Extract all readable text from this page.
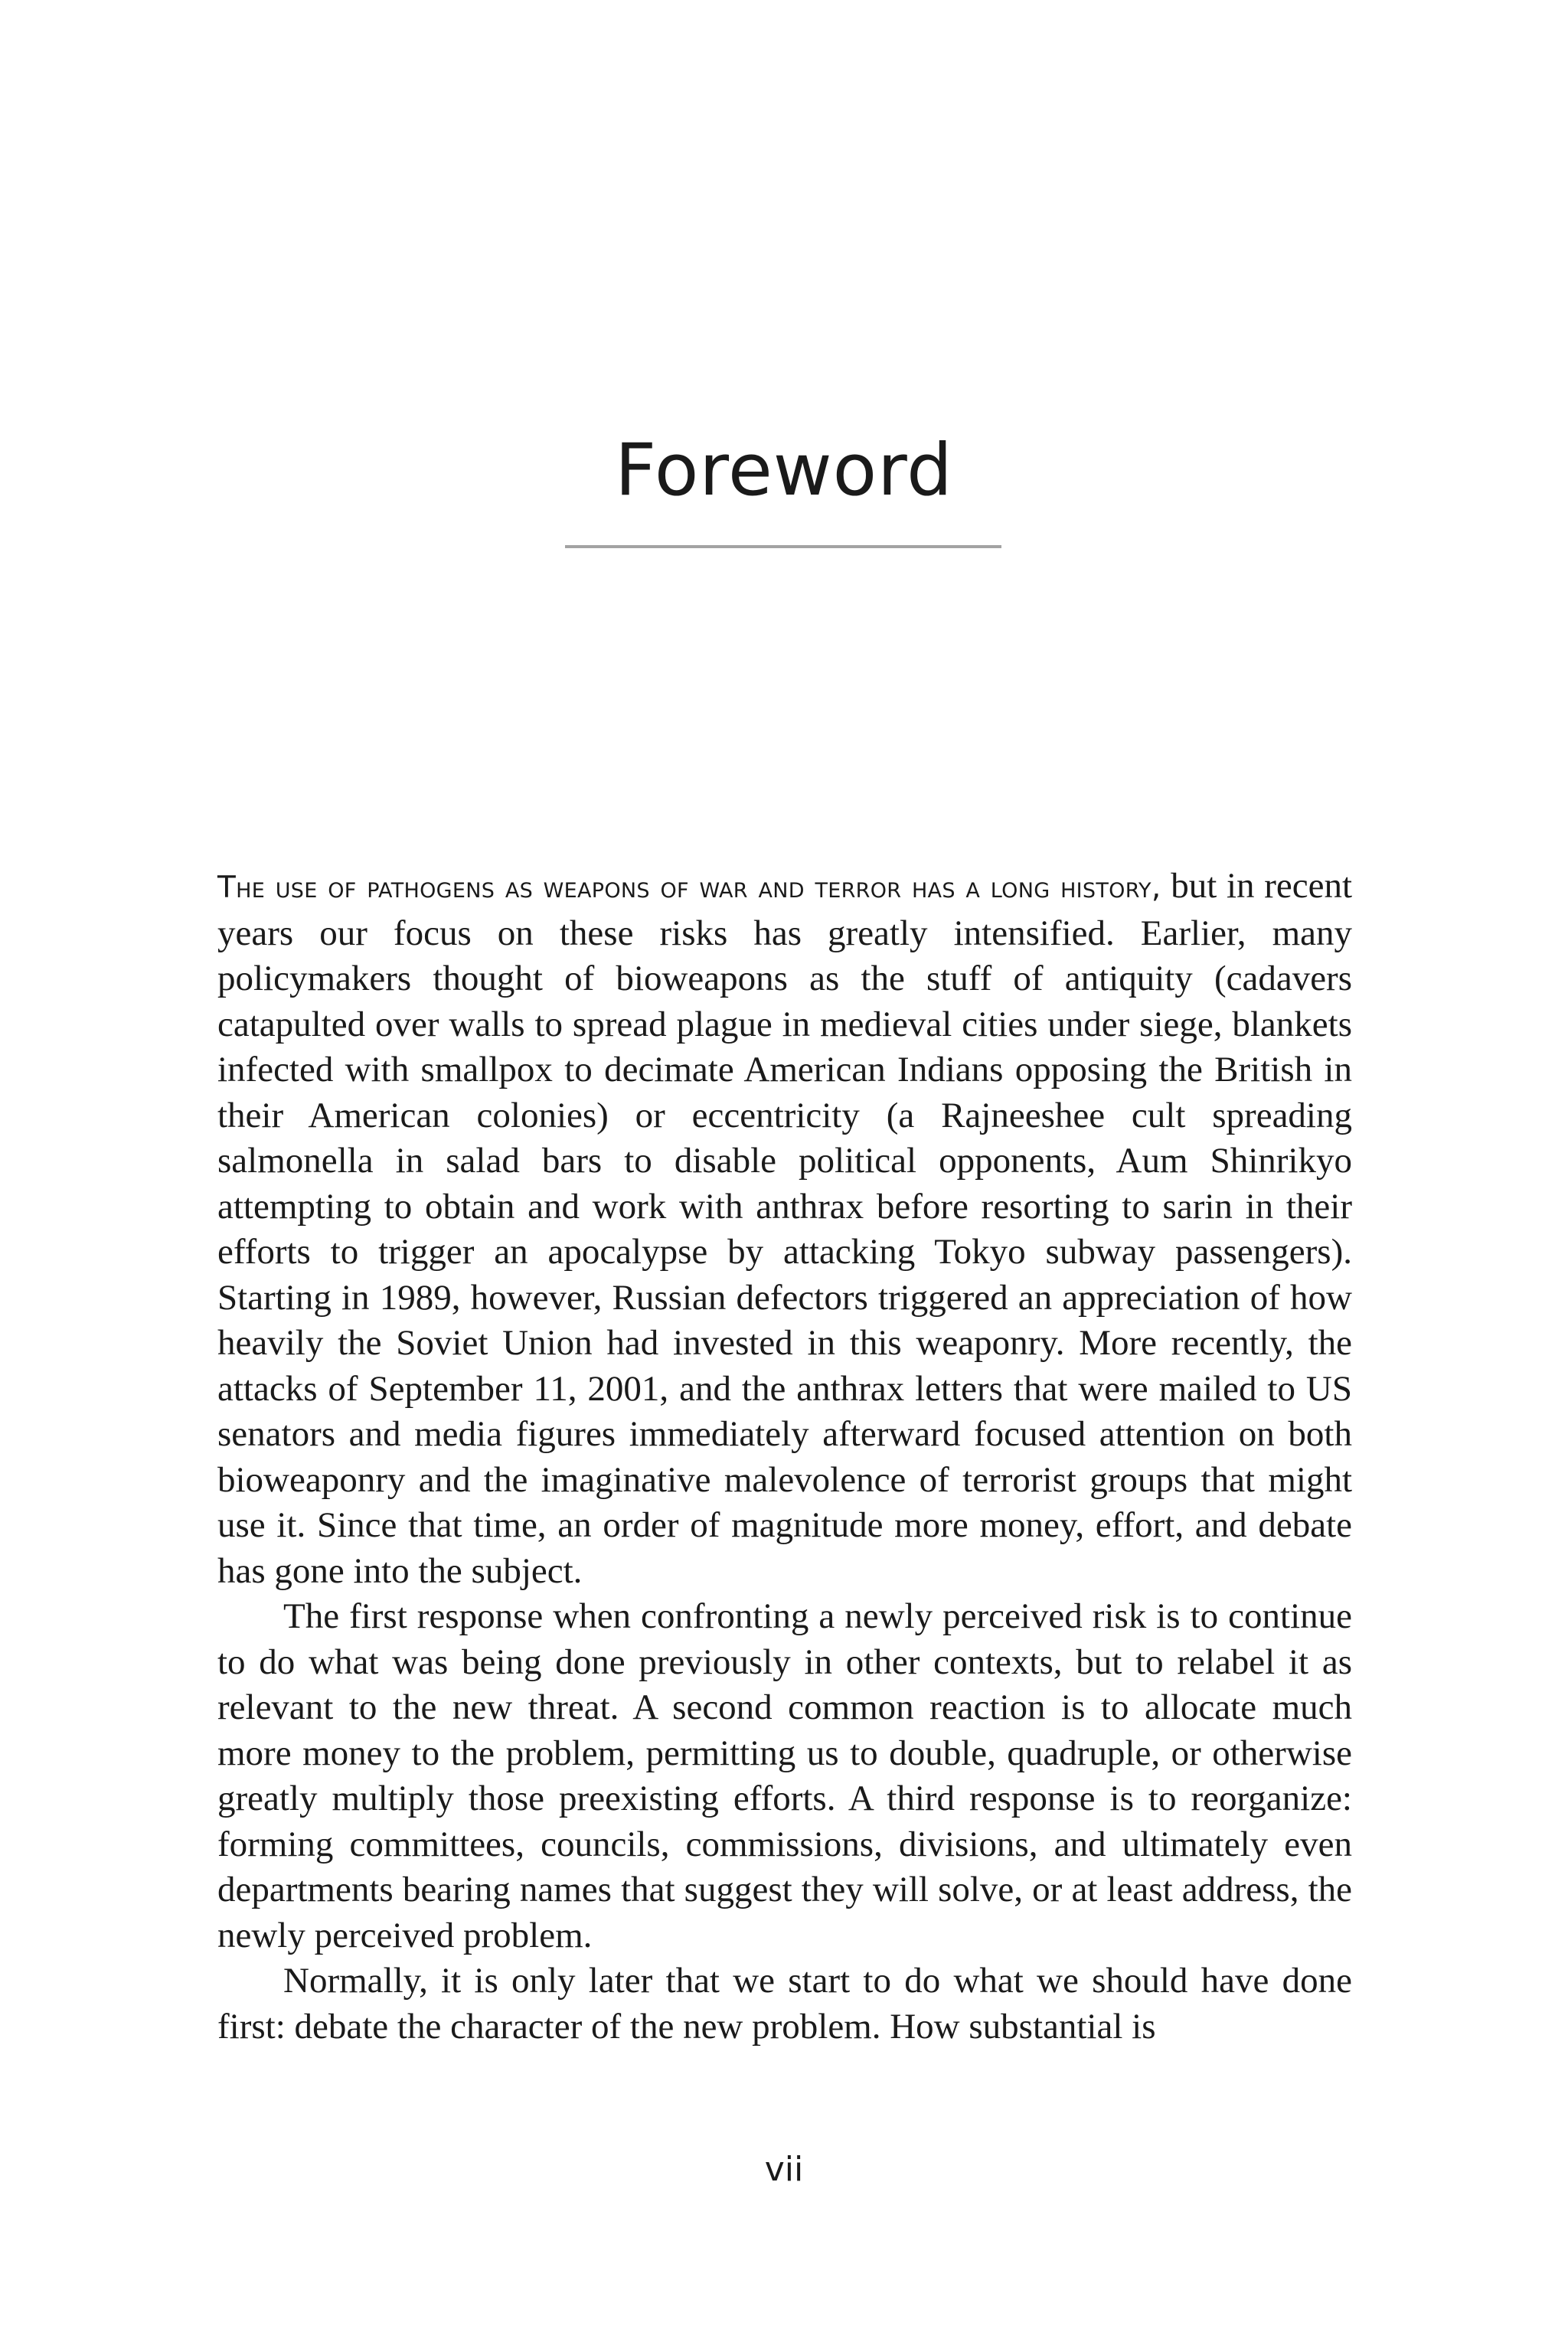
Foreword

The use of pathogens as weapons of war and terror has a long history, but in recent years our focus on these risks has greatly intensified. Earlier, many policymakers thought of bioweapons as the stuff of antiquity (cadavers catapulted over walls to spread plague in medieval cities under siege, blankets infected with smallpox to decimate American Indians opposing the British in their American colonies) or eccentricity (a Rajneeshee cult spreading salmonella in salad bars to disable political opponents, Aum Shinrikyo attempting to obtain and work with anthrax before resorting to sarin in their efforts to trigger an apocalypse by attacking Tokyo subway passengers). Starting in 1989, however, Russian defectors triggered an appreciation of how heavily the Soviet Union had invested in this weaponry. More recently, the attacks of September 11, 2001, and the anthrax letters that were mailed to US senators and media figures immediately afterward focused attention on both bioweaponry and the imaginative malevolence of terrorist groups that might use it. Since that time, an order of magnitude more money, effort, and debate has gone into the subject.

The first response when confronting a newly perceived risk is to continue to do what was being done previously in other contexts, but to relabel it as relevant to the new threat. A second common reaction is to allocate much more money to the problem, permitting us to double, quadruple, or otherwise greatly multiply those preexisting efforts. A third response is to reorganize: forming committees, councils, commissions, divisions, and ultimately even departments bearing names that suggest they will solve, or at least address, the newly perceived problem.

Normally, it is only later that we start to do what we should have done first: debate the character of the new problem. How substantial is

vii
